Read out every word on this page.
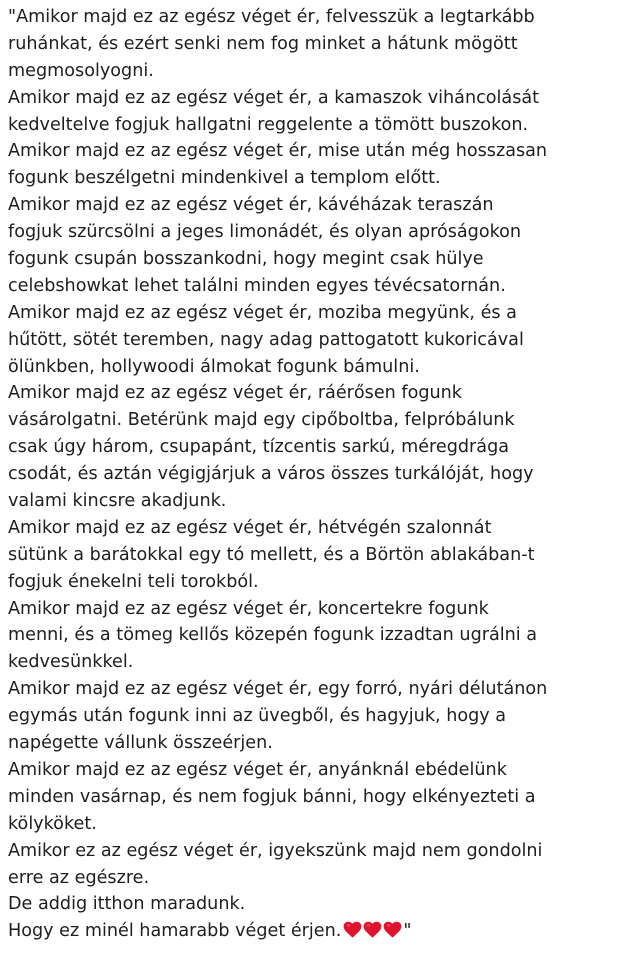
"Amikor majd ez az egész véget ér, felvesszük a legtarkább
ruhánkat, és ezért senki nem fog minket a hátunk mögött
megmosolyogni.
Amikor majd ez az egész véget ér, a kamaszok viháncolását
kedveltelve fogjuk hallgatni reggelente a tömött buszokon.
Amikor majd ez az egész véget ér, mise után még hosszasan
fogunk beszélgetni mindenkivel a templom előtt.
Amikor majd ez az egész véget ér, kávéházak teraszán
fogjuk szürcsölni a jeges limonádét, és olyan apróságokon
fogunk csupán bosszankodni, hogy megint csak hülye
celebshowkat lehet találni minden egyes tévécsatornán.
Amikor majd ez az egész véget ér, moziba megyünk, és a
hűtött, sötét teremben, nagy adag pattogatott kukoricával
ölünkben, hollywoodi álmokat fogunk bámulni.
Amikor majd ez az egész véget ér, ráérősen fogunk
vásárolgatni. Betérünk majd egy cipőboltba, felpróbálunk
csak úgy három, csupapánt, tízcentis sarkú, méregdrága
csodát, és aztán végigjárjuk a város összes turkálóját, hogy
valami kincsre akadjunk.
Amikor majd ez az egész véget ér, hétvégén szalonnát
sütünk a barátokkal egy tó mellett, és a Börtön ablakában-t
fogjuk énekelni teli torokból.
Amikor majd ez az egész véget ér, koncertekre fogunk
menni, és a tömeg kellős közepén fogunk izzadtan ugrálni a
kedvesünkkel.
Amikor majd ez az egész véget ér, egy forró, nyári délutánon
egymás után fogunk inni az üvegből, és hagyjuk, hogy a
napégette vállunk összeérjen.
Amikor majd ez az egész véget ér, anyánknál ebédelünk
minden vasárnap, és nem fogjuk bánni, hogy elkényezteti a
kölyköket.
Amikor ez az egész véget ér, igyekszünk majd nem gondolni
erre az egészre.
De addig itthon maradunk.
Hogy ez minél hamarabb véget érjen.	"
